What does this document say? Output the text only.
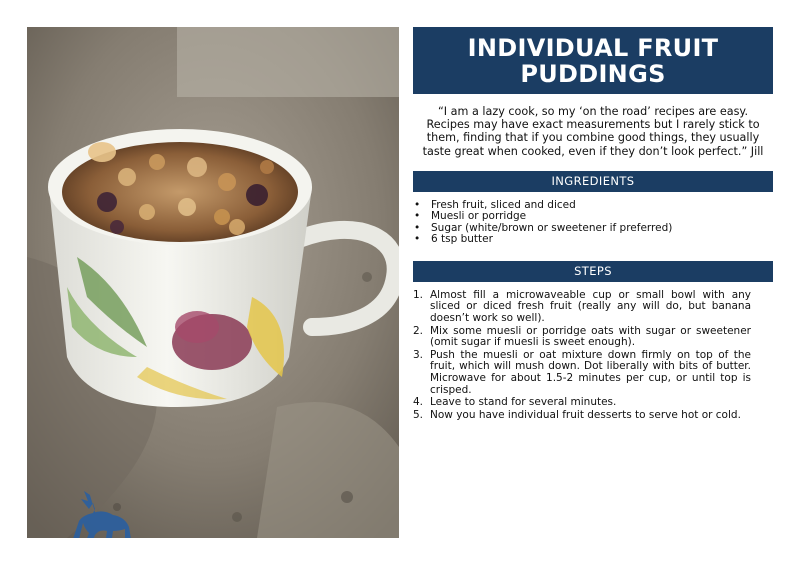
INDIVIDUAL FRUIT PUDDINGS
“I am a lazy cook, so my ‘on the road’ recipes are easy. Recipes may have exact measurements but I rarely stick to them, finding that if you combine good things, they usually taste great when cooked, even if they don’t look perfect.” Jill
INGREDIENTS
• Fresh fruit, sliced and diced
• Muesli or porridge
• Sugar (white/brown or sweetener if preferred)
• 6 tsp butter
STEPS
1. Almost fill a microwaveable cup or small bowl with any sliced or diced fresh fruit (really any will do, but banana doesn’t work so well).
2. Mix some muesli or porridge oats with sugar or sweetener (omit sugar if muesli is sweet enough).
3. Push the muesli or oat mixture down firmly on top of the fruit, which will mush down. Dot liberally with bits of butter. Microwave for about 1.5-2 minutes per cup, or until top is crisped.
4. Leave to stand for several minutes.
5. Now you have individual fruit desserts to serve hot or cold.
